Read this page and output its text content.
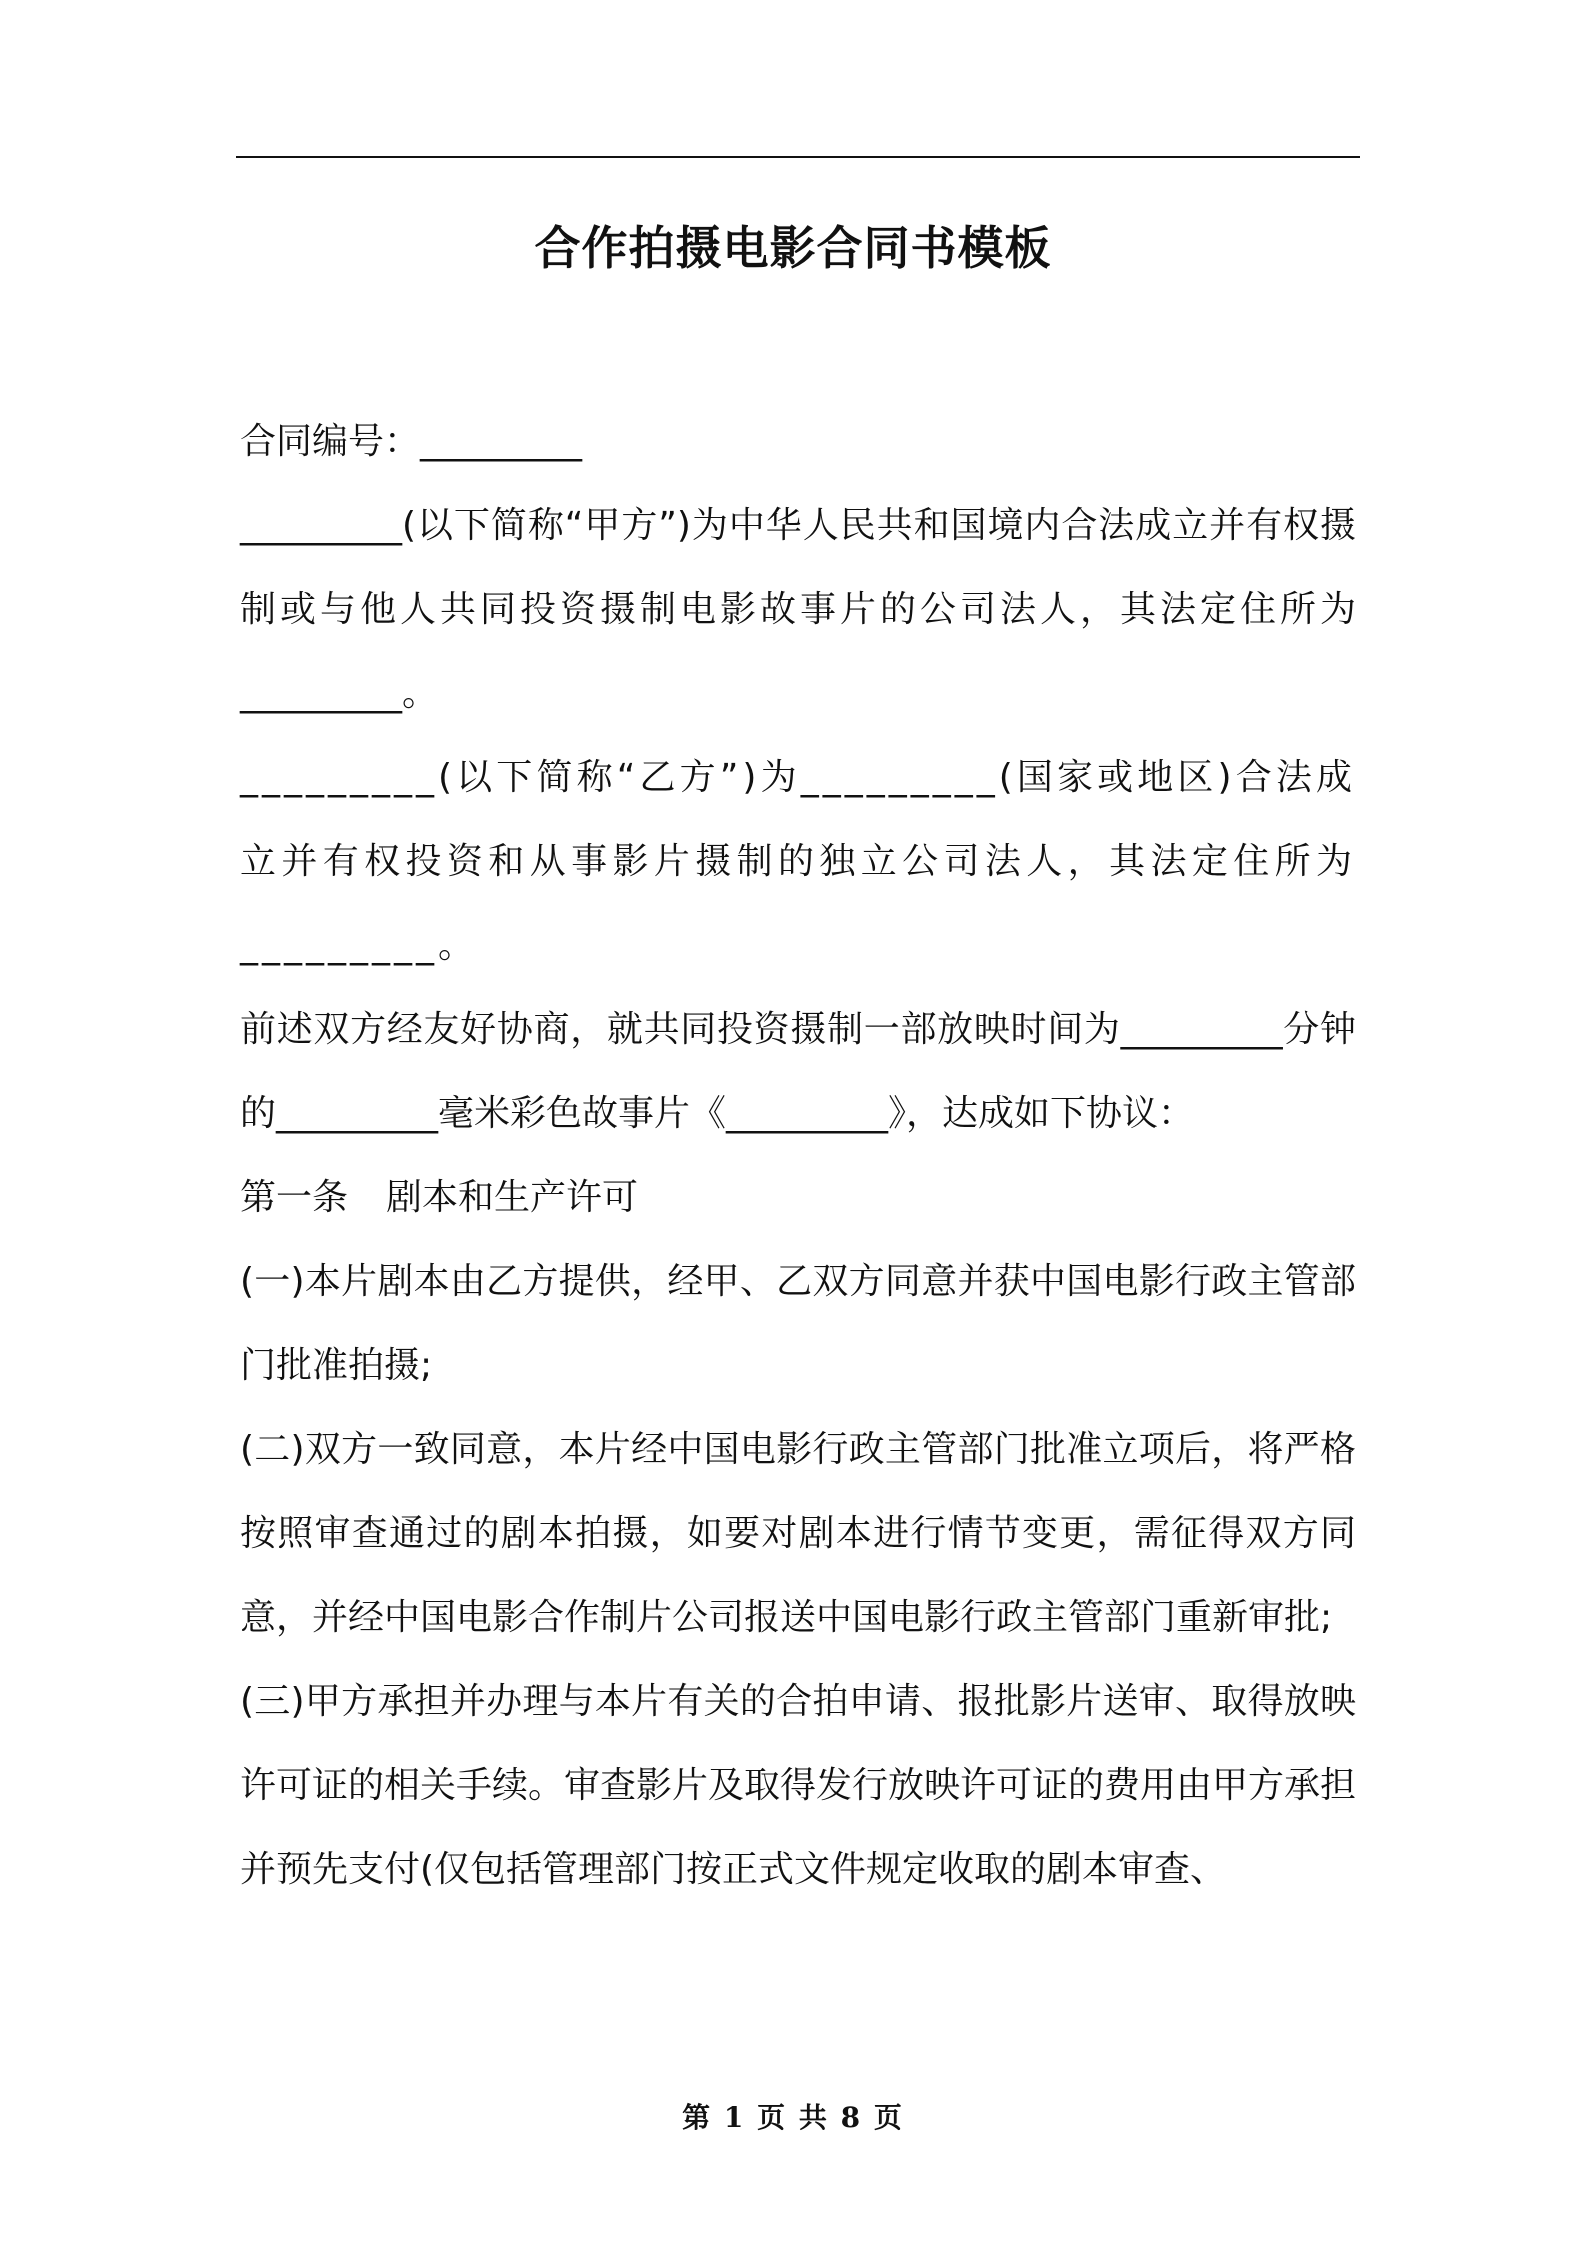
合作拍摄电影合同书模板

合同编号：_________

_________(以下简称“甲方”)为中华人民共和国境内合法成立并有权摄制或与他人共同投资摄制电影故事片的公司法人，其法定住所为_________。

_________(以下简称“乙方”)为_________(国家或地区)合法成立并有权投资和从事影片摄制的独立公司法人，其法定住所为_________。

前述双方经友好协商，就共同投资摄制一部放映时间为_________分钟的_________毫米彩色故事片《_________》，达成如下协议：

第一条 剧本和生产许可

(一)本片剧本由乙方提供，经甲、乙双方同意并获中国电影行政主管部门批准拍摄;

(二)双方一致同意，本片经中国电影行政主管部门批准立项后，将严格按照审查通过的剧本拍摄，如要对剧本进行情节变更，需征得双方同意，并经中国电影合作制片公司报送中国电影行政主管部门重新审批;

(三)甲方承担并办理与本片有关的合拍申请、报批影片送审、取得放映许可证的相关手续。审查影片及取得发行放映许可证的费用由甲方承担并预先支付(仅包括管理部门按正式文件规定收取的剧本审查、

第 1 页 共 8 页
